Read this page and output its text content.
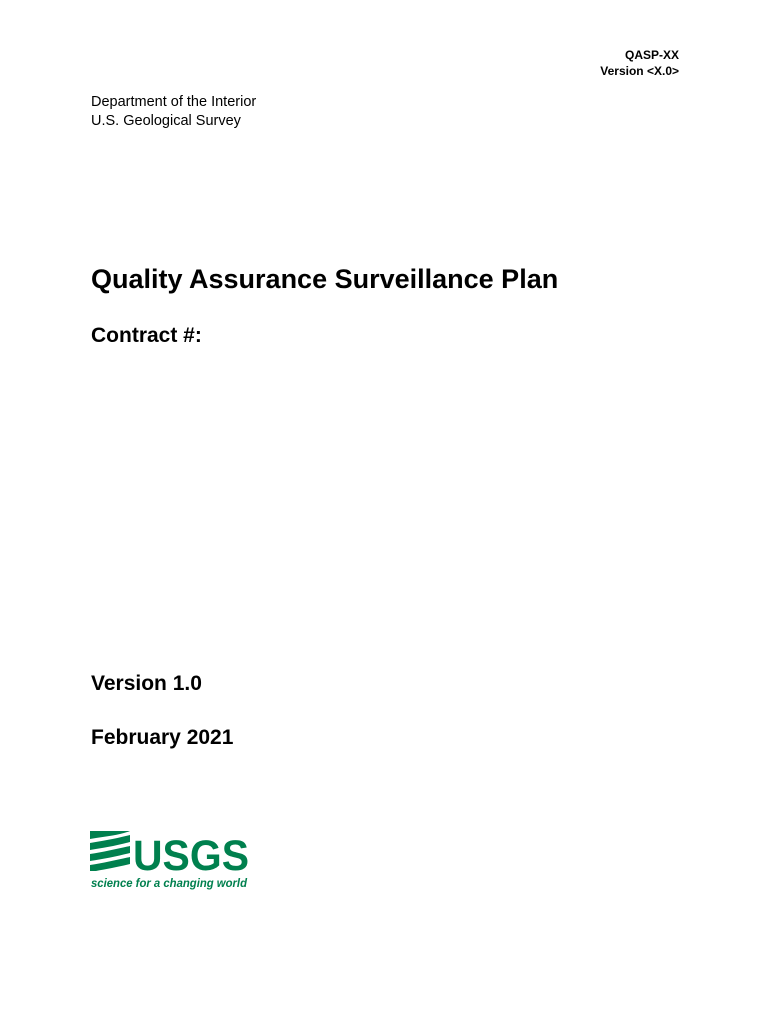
QASP-XX
Version <X.0>
Department of the Interior
U.S. Geological Survey
Quality Assurance Surveillance Plan
Contract #:
Version 1.0
February 2021
USGS
science for a changing world
